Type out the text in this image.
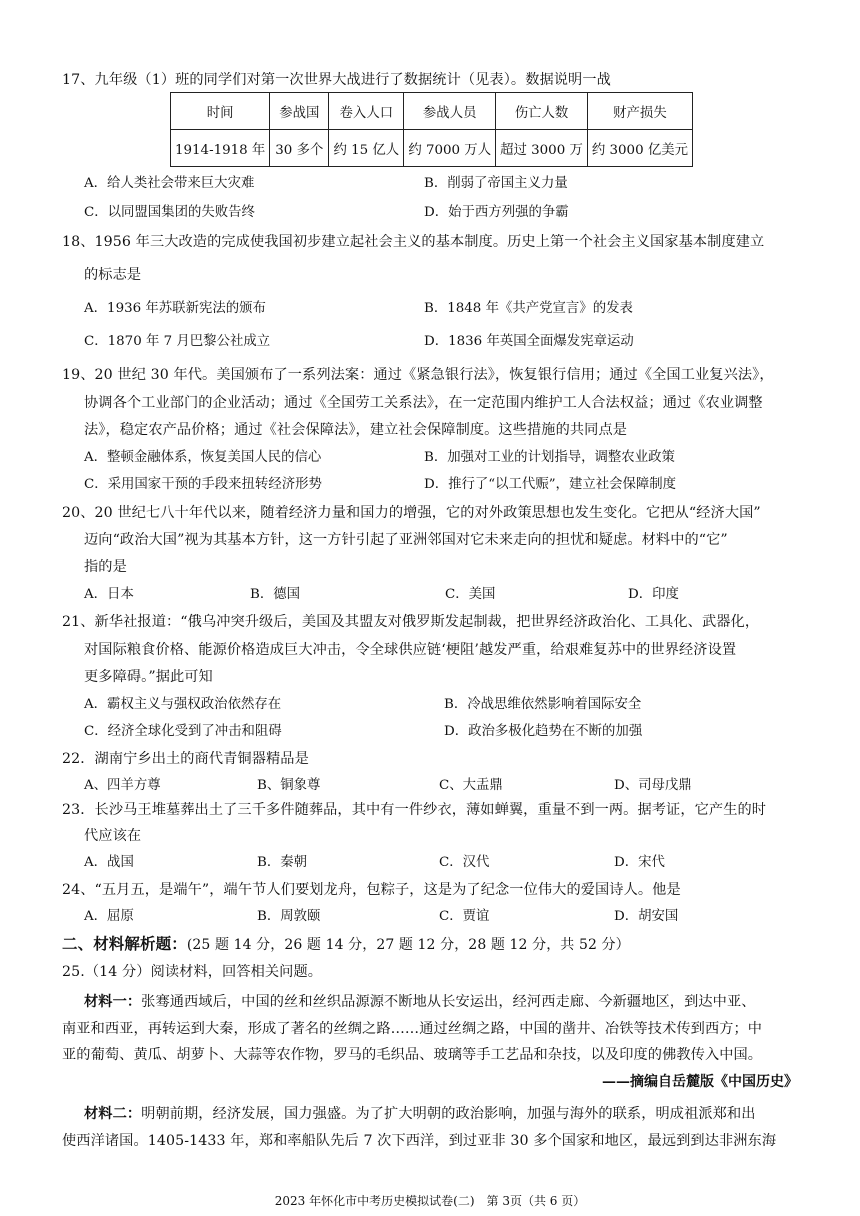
17、九年级（1）班的同学们对第一次世界大战进行了数据统计（见表）。数据说明一战
时间	参战国	卷入人口	参战人员	伤亡人数	财产损失
1914-1918 年	30 多个	约 15 亿人	约 7000 万人	超过 3000 万	约 3000 亿美元
A．给人类社会带来巨大灾难	B．削弱了帝国主义力量
C．以同盟国集团的失败告终	D．始于西方列强的争霸
18、1956 年三大改造的完成使我国初步建立起社会主义的基本制度。历史上第一个社会主义国家基本制度建立
的标志是
A．1936 年苏联新宪法的颁布	B．1848 年《共产党宣言》的发表
C．1870 年 7 月巴黎公社成立	D．1836 年英国全面爆发宪章运动
19、20 世纪 30 年代。美国颁布了一系列法案：通过《紧急银行法》，恢复银行信用；通过《全国工业复兴法》，
协调各个工业部门的企业活动；通过《全国劳工关系法》，在一定范围内维护工人合法权益；通过《农业调整
法》，稳定农产品价格；通过《社会保障法》，建立社会保障制度。这些措施的共同点是
A．整顿金融体系，恢复美国人民的信心	B．加强对工业的计划指导，调整农业政策
C．采用国家干预的手段来扭转经济形势	D．推行了“以工代赈”，建立社会保障制度
20、20 世纪七八十年代以来，随着经济力量和国力的增强，它的对外政策思想也发生变化。它把从“经济大国”
迈向“政治大国”视为其基本方针，这一方针引起了亚洲邻国对它未来走向的担忧和疑虑。材料中的“它”
指的是
A．日本	B．德国	C．美国	D．印度
21、新华社报道：“俄乌冲突升级后，美国及其盟友对俄罗斯发起制裁，把世界经济政治化、工具化、武器化，
对国际粮食价格、能源价格造成巨大冲击，令全球供应链‘梗阻’越发严重，给艰难复苏中的世界经济设置
更多障碍。”据此可知
A．霸权主义与强权政治依然存在	B．冷战思维依然影响着国际安全
C．经济全球化受到了冲击和阻碍	D．政治多极化趋势在不断的加强
22．湖南宁乡出土的商代青铜器精品是
A、四羊方尊	B、铜象尊	C、大盂鼎	D、司母戊鼎
23．长沙马王堆墓葬出土了三千多件随葬品，其中有一件纱衣，薄如蝉翼，重量不到一两。据考证，它产生的时
代应该在
A．战国	B．秦朝	C．汉代	D．宋代
24、“五月五，是端午”，端午节人们要划龙舟，包粽子，这是为了纪念一位伟大的爱国诗人。他是
A．屈原	B．周敦颐	C．贾谊	D．胡安国
二、材料解析题：(25 题 14 分，26 题 14 分，27 题 12 分，28 题 12 分，共 52 分）
25.（14 分）阅读材料，回答相关问题。
材料一：张骞通西域后，中国的丝和丝织品源源不断地从长安运出，经河西走廊、今新疆地区，到达中亚、
南亚和西亚，再转运到大秦，形成了著名的丝绸之路……通过丝绸之路，中国的凿井、冶铁等技术传到西方；中
亚的葡萄、黄瓜、胡萝卜、大蒜等农作物，罗马的毛织品、玻璃等手工艺品和杂技，以及印度的佛教传入中国。
——摘编自岳麓版《中国历史》
材料二：明朝前期，经济发展，国力强盛。为了扩大明朝的政治影响，加强与海外的联系，明成祖派郑和出
使西洋诸国。1405-1433 年，郑和率船队先后 7 次下西洋，到过亚非 30 多个国家和地区，最远到到达非洲东海
2023 年怀化市中考历史模拟试卷(二)　第 3页（共 6 页）
